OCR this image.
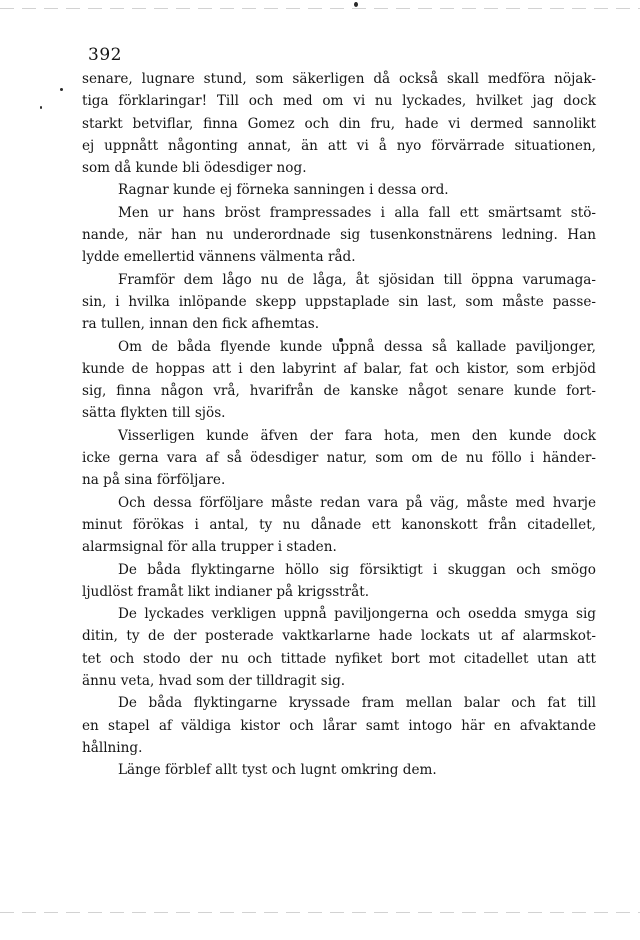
392
senare, lugnare stund, som säkerligen då också skall medföra nöjak-
tiga förklaringar! Till och med om vi nu lyckades, hvilket jag dock
starkt betviflar, finna Gomez och din fru, hade vi dermed sannolikt
ej uppnått någonting annat, än att vi å nyo förvärrade situationen,
som då kunde bli ödesdiger nog.
Ragnar kunde ej förneka sanningen i dessa ord.
Men ur hans bröst frampressades i alla fall ett smärtsamt stö-
nande, när han nu underordnade sig tusenkonstnärens ledning. Han
lydde emellertid vännens välmenta råd.
Framför dem lågo nu de låga, åt sjösidan till öppna varumaga-
sin, i hvilka inlöpande skepp uppstaplade sin last, som måste passe-
ra tullen, innan den fick afhemtas.
Om de båda flyende kunde uppnå dessa så kallade paviljonger,
kunde de hoppas att i den labyrint af balar, fat och kistor, som erbjöd
sig, finna någon vrå, hvarifrån de kanske något senare kunde fort-
sätta flykten till sjös.
Visserligen kunde äfven der fara hota, men den kunde dock
icke gerna vara af så ödesdiger natur, som om de nu föllo i händer-
na på sina förföljare.
Och dessa förföljare måste redan vara på väg, måste med hvarje
minut förökas i antal, ty nu dånade ett kanonskott från citadellet,
alarmsignal för alla trupper i staden.
De båda flyktingarne höllo sig försiktigt i skuggan och smögo
ljudlöst framåt likt indianer på krigsstråt.
De lyckades verkligen uppnå paviljongerna och osedda smyga sig
ditin, ty de der posterade vaktkarlarne hade lockats ut af alarmskot-
tet och stodo der nu och tittade nyfiket bort mot citadellet utan att
ännu veta, hvad som der tilldragit sig.
De båda flyktingarne kryssade fram mellan balar och fat till
en stapel af väldiga kistor och lårar samt intogo här en afvaktande
hållning.
Länge förblef allt tyst och lugnt omkring dem.
